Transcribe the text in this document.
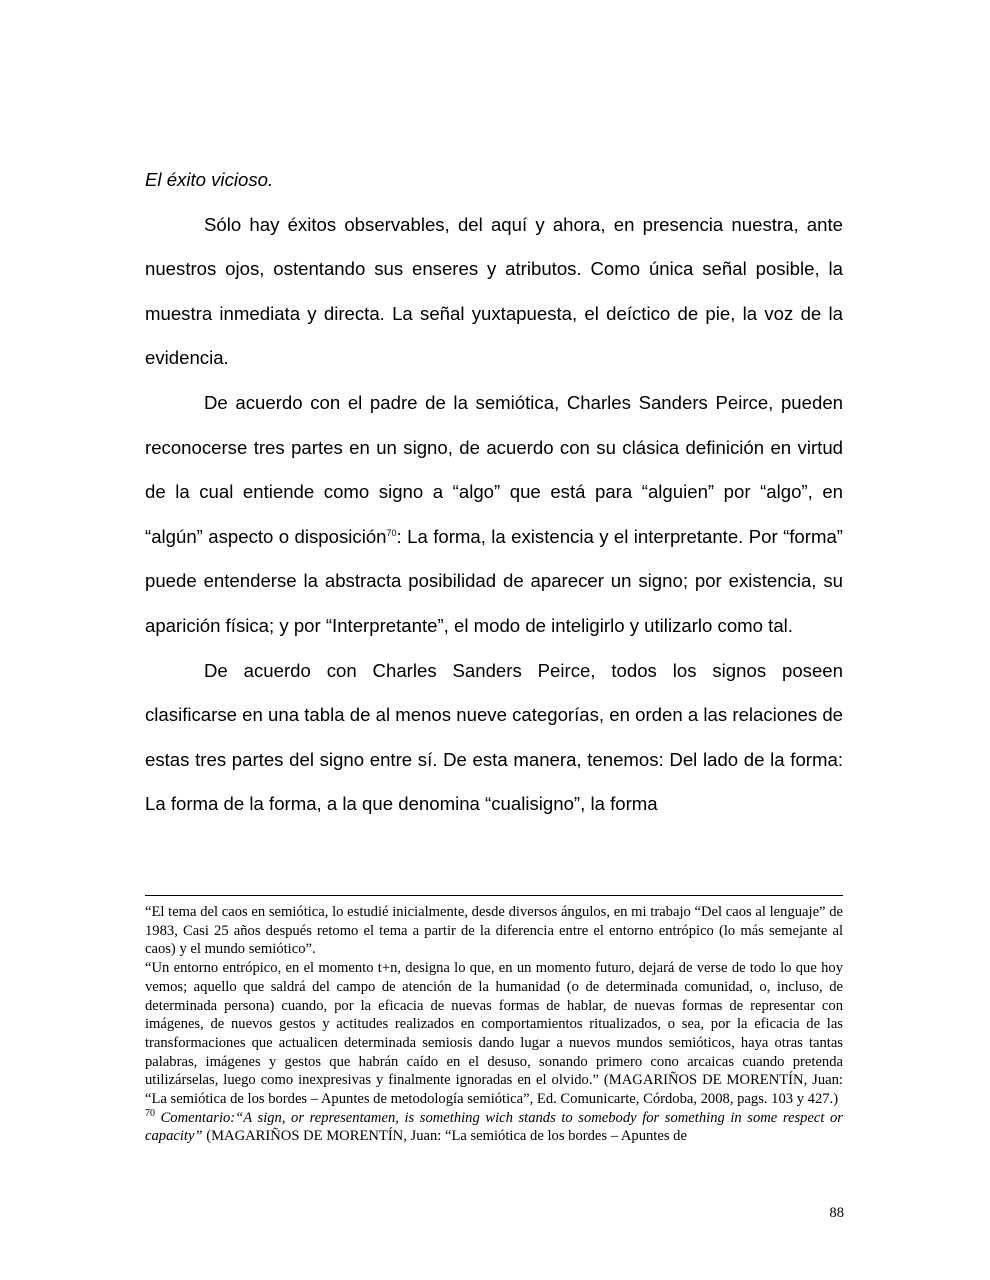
El éxito vicioso.

Sólo hay éxitos observables, del aquí y ahora, en presencia nuestra, ante nuestros ojos, ostentando sus enseres y atributos. Como única señal posible, la muestra inmediata y directa. La señal yuxtapuesta, el deíctico de pie, la voz de la evidencia.

De acuerdo con el padre de la semiótica, Charles Sanders Peirce, pueden reconocerse tres partes en un signo, de acuerdo con su clásica definición en virtud de la cual entiende como signo a “algo” que está para “alguien” por “algo”, en “algún” aspecto o disposición$^{70}$: La forma, la existencia y el interpretante. Por “forma” puede entenderse la abstracta posibilidad de aparecer un signo; por existencia, su aparición física; y por “Interpretante”, el modo de inteligirlo y utilizarlo como tal.

De acuerdo con Charles Sanders Peirce, todos los signos poseen clasificarse en una tabla de al menos nueve categorías, en orden a las relaciones de estas tres partes del signo entre sí. De esta manera, tenemos: Del lado de la forma: La forma de la forma, a la que denomina “cualisigno”, la forma

“El tema del caos en semiótica, lo estudié inicialmente, desde diversos ángulos, en mi trabajo “Del caos al lenguaje” de 1983, Casi 25 años después retomo el tema a partir de la diferencia entre el entorno entrópico (lo más semejante al caos) y el mundo semiótico”.

“Un entorno entrópico, en el momento t+n, designa lo que, en un momento futuro, dejará de verse de todo lo que hoy vemos; aquello que saldrá del campo de atención de la humanidad (o de determinada comunidad, o, incluso, de determinada persona) cuando, por la eficacia de nuevas formas de hablar, de nuevas formas de representar con imágenes, de nuevos gestos y actitudes realizados en comportamientos ritualizados, o sea, por la eficacia de las transformaciones que actualicen determinada semiosis dando lugar a nuevos mundos semióticos, haya otras tantas palabras, imágenes y gestos que habrán caído en el desuso, sonando primero cono arcaicas cuando pretenda utilizárselas, luego como inexpresivas y finalmente ignoradas en el olvido.” (MAGARIÑOS DE MORENTÍN, Juan: “La semiótica de los bordes – Apuntes de metodología semiótica”, Ed. Comunicarte, Córdoba, 2008, pags. 103 y 427.)

$^{70}$ Comentario:“A sign, or representamen, is something wich stands to somebody for something in some respect or capacity” (MAGARIÑOS DE MORENTÍN, Juan: “La semiótica de los bordes – Apuntes de

88
